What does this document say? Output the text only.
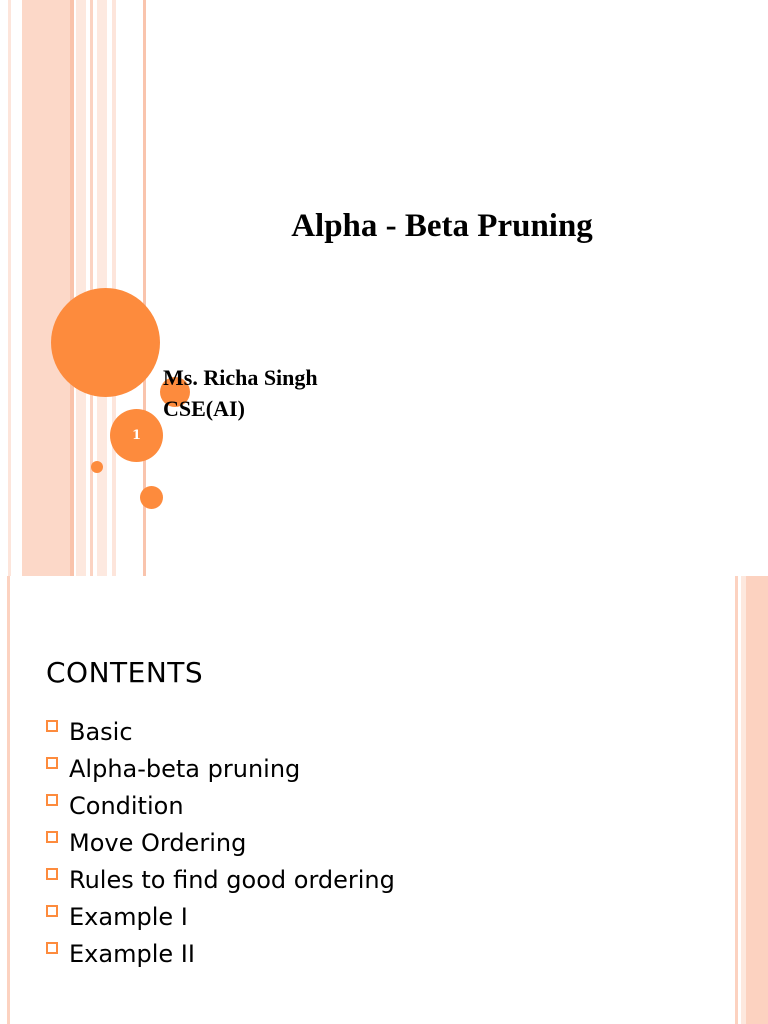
1
Alpha - Beta Pruning
Ms. Richa Singh
CSE(AI)
CONTENTS
Basic
Alpha-beta pruning
Condition
Move Ordering
Rules to find good ordering
Example I
Example II
